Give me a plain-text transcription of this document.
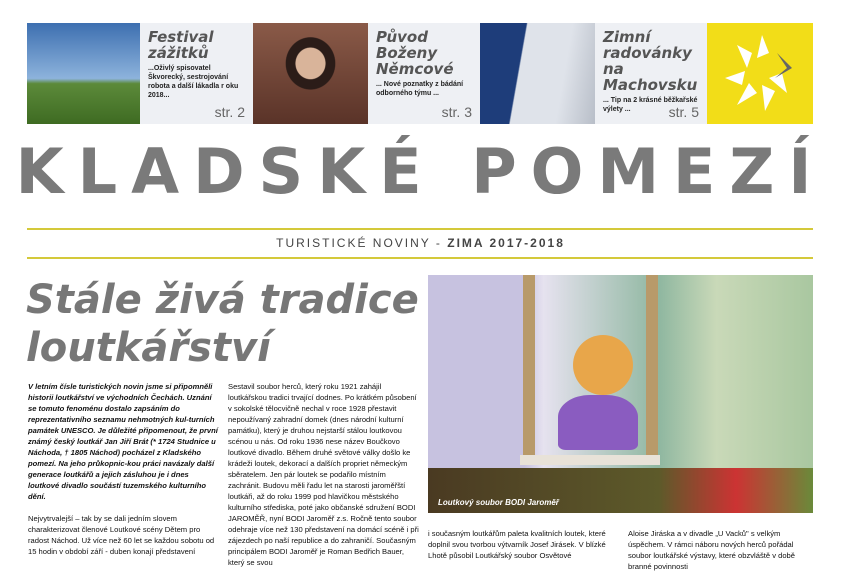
Festival zážitků
...Oživlý spisovatel Škvorecký, sestrojování robota a další lákadla r oku 2018...
str. 2
Původ Boženy Němcové
... Nové poznatky z bádání odborného týmu ...
str. 3
Zimní radovánky na Machovsku
... Tip na 2 krásné běžkařské výlety ...	str. 5
KLADSKÉ POMEZÍ
TURISTICKÉ NOVINY - ZIMA 2017-2018
Stále živá tradice loutkářství

V letním čísle turistických novin jsme si připomněli historii loutkářství ve východních Čechách. Uznání se tomuto fenoménu dostalo zapsáním do reprezentativního seznamu nehmotných kul-turních památek UNESCO. Je důležité připomenout, že první známý český loutkář Jan Jiří Brát (* 1724 Studnice u Náchoda, † 1805 Náchod) pocházel z Kladského pomezí. Na jeho průkopnic-kou práci navázaly další generace loutkářů a jejich zásluhou je i dnes loutkové divadlo součástí tuzemského kulturního dění.

Nejvytrvalejší – tak by se dali jedním slovem charakterizovat členové Loutkové scény Dětem pro radost Náchod. Už více než 60 let se každou sobotu od 15 hodin v období září - duben konají představení

Sestavil soubor herců, který roku 1921 zahájil loutkářskou tradici trvající dodnes. Po krátkém působení v sokolské tělocvičně nechal v roce 1928 přestavit nepoužívaný zahradní domek (dnes národní kulturní památku), který je druhou nejstarší stálou loutkovou scénou u nás. Od roku 1936 nese název Boučkovo loutkové divadlo. Během druhé světové války došlo ke krádeži loutek, dekorací a dalších propriet německým sběratelem. Jen pár loutek se podařilo místním zachránit. Budovu měli řadu let na starosti jaroměřští loutkáři, až do roku 1999 pod hlavičkou městského kulturního střediska, poté jako občanské sdružení BODI JAROMĚŘ, nyní BODI Jaroměř z.s. Ročně tento soubor odehraje více než 130 představení na domácí scéně i při zájezdech po naší republice a do zahraničí. Současným principálem BODI Jaroměř je Roman Bedřich Bauer, který se svou
Loutkový soubor BODI Jaroměř
i současným loutkářům paleta kvalitních loutek, které doplnil svou tvorbou výtvarník Josef Jirásek. V blízké Lhotě působil Loutkářský soubor Osvětové
Aloise Jiráska a v divadle „U Vacků" s velkým úspěchem. V rámci náboru nových herců pořádal soubor loutkářské výstavy, které obzvláště v době branné povinnosti
